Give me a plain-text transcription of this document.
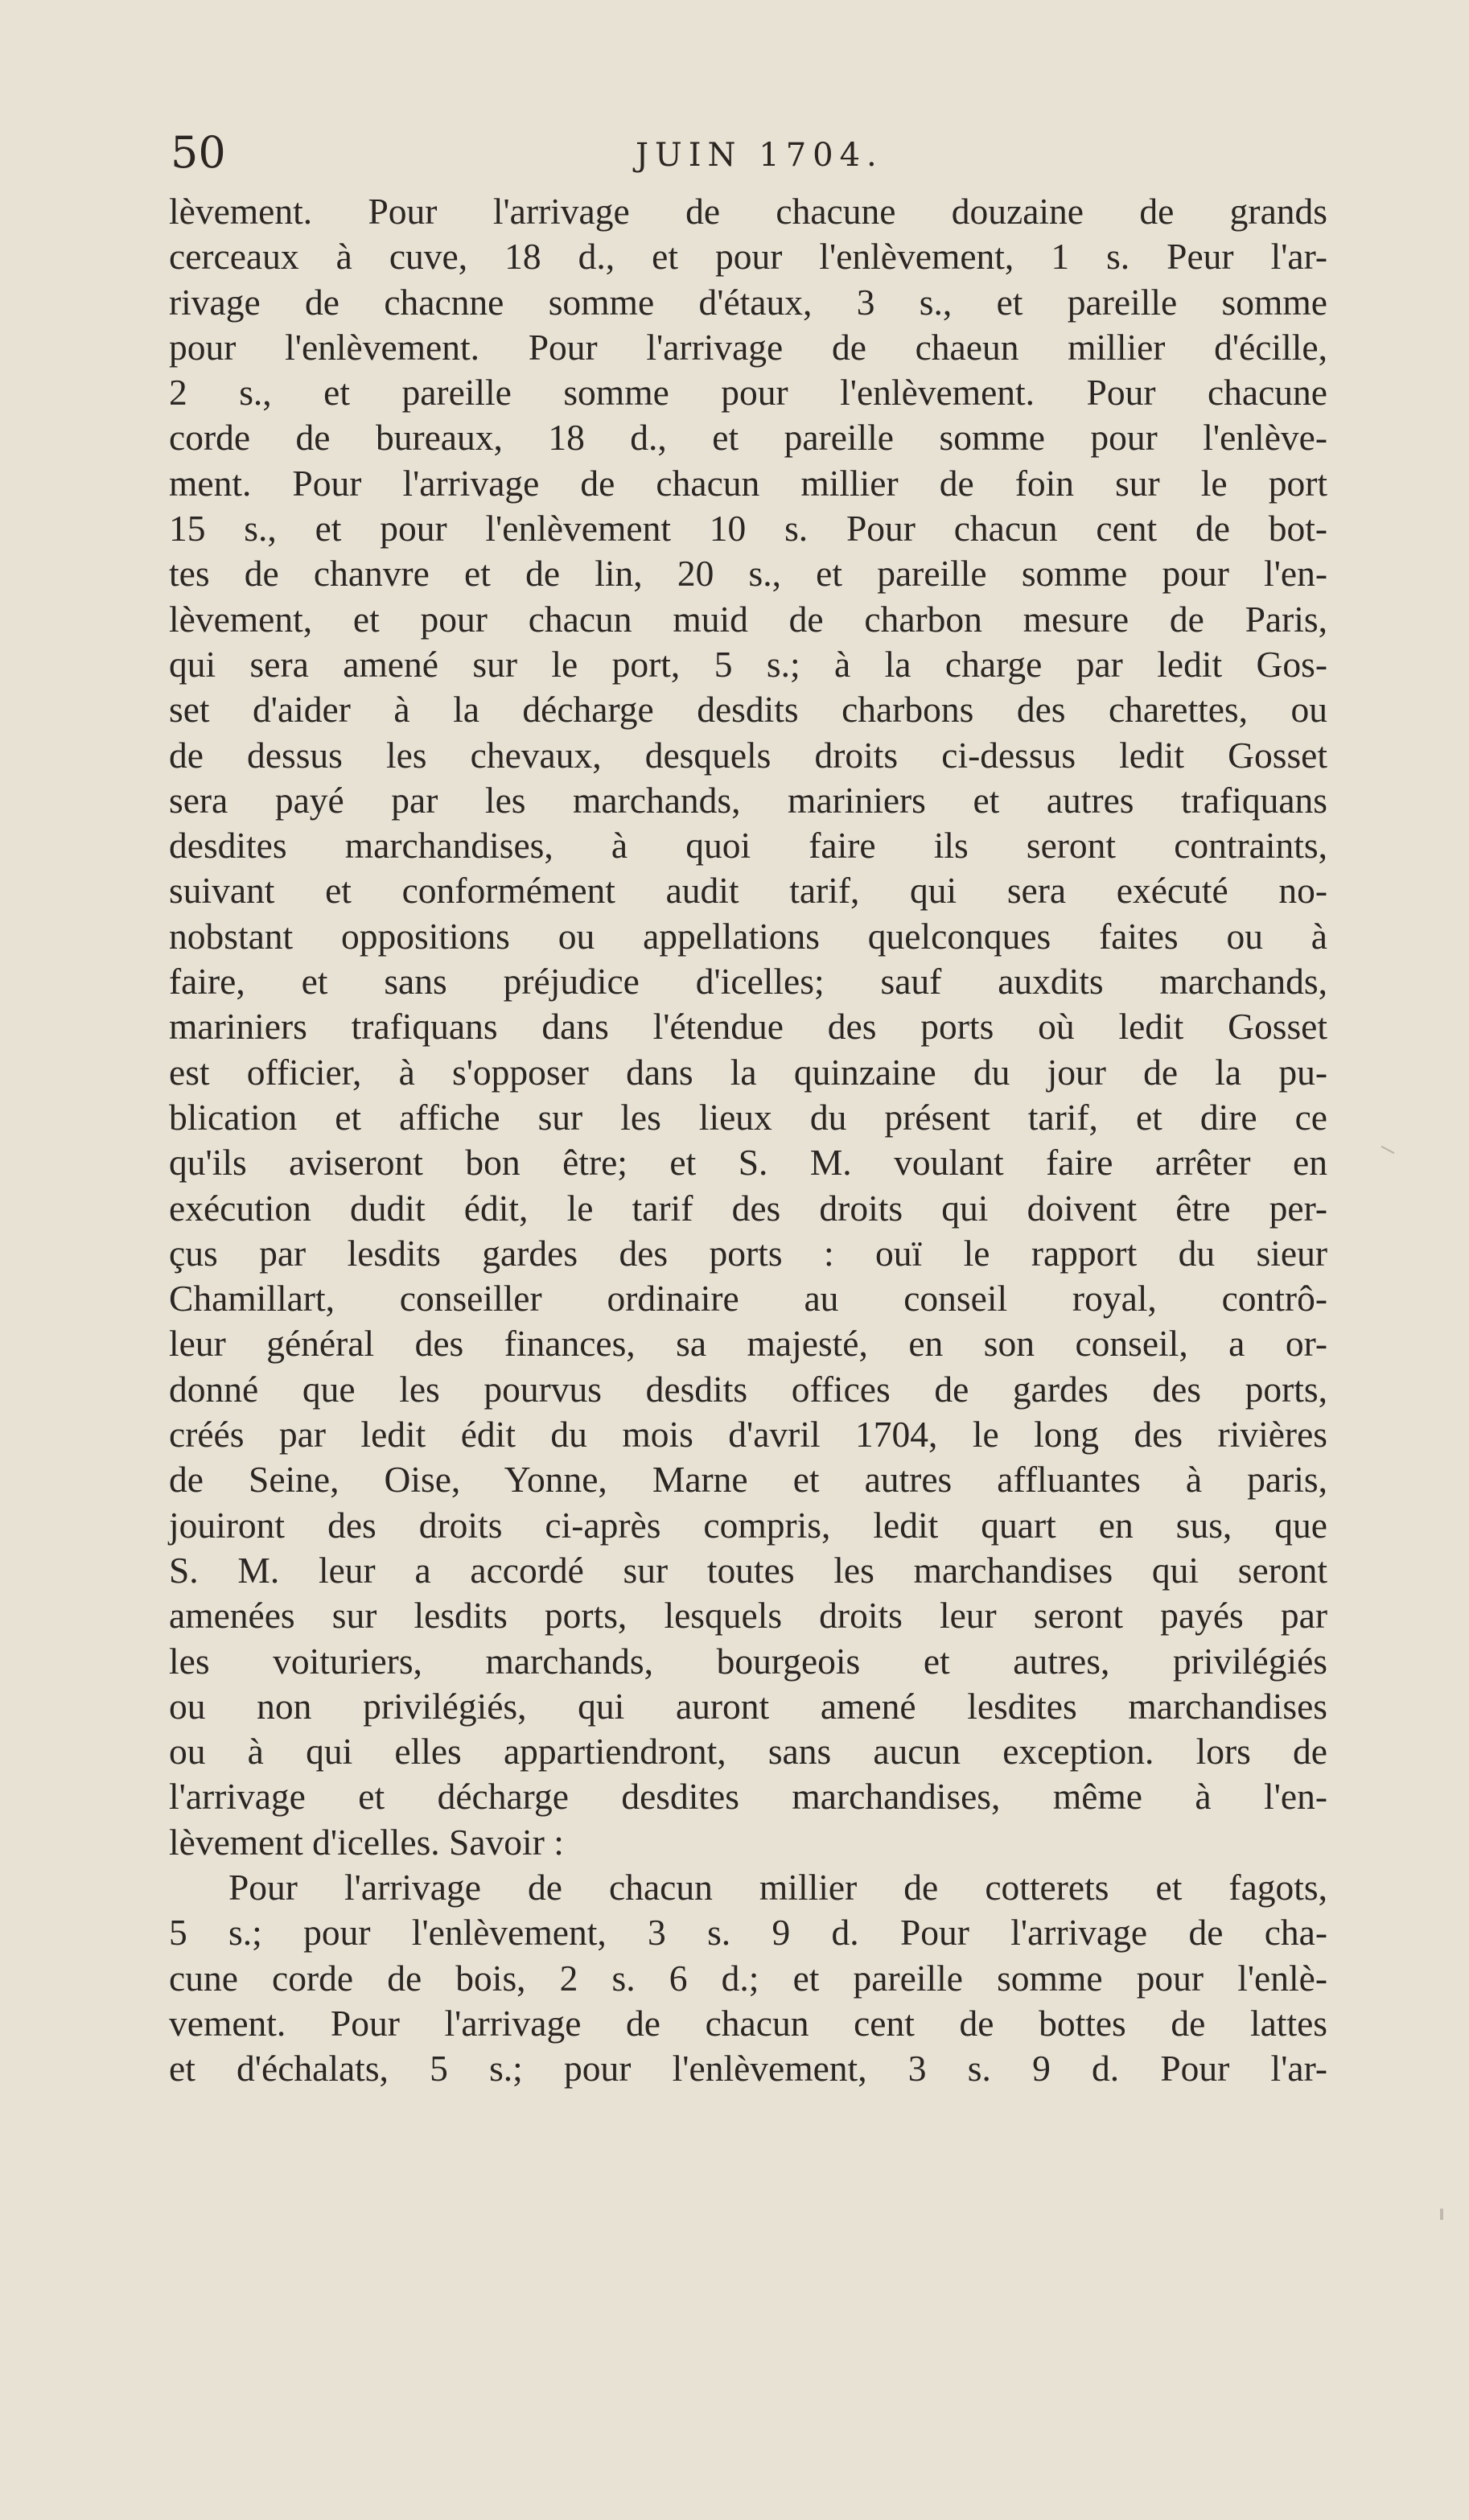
50	JUIN 1704.
lèvement. Pour l'arrivage de chacune douzaine de grands
cerceaux à cuve, 18 d., et pour l'enlèvement, 1 s. Peur l'ar-
rivage de chacnne somme d'étaux, 3 s., et pareille somme
pour l'enlèvement. Pour l'arrivage de chaeun millier d'écille,
2 s., et pareille somme pour l'enlèvement. Pour chacune
corde de bureaux, 18 d., et pareille somme pour l'enlève-
ment. Pour l'arrivage de chacun millier de foin sur le port
15 s., et pour l'enlèvement 10 s. Pour chacun cent de bot-
tes de chanvre et de lin, 20 s., et pareille somme pour l'en-
lèvement, et pour chacun muid de charbon mesure de Paris,
qui sera amené sur le port, 5 s.; à la charge par ledit Gos-
set d'aider à la décharge desdits charbons des charettes, ou
de dessus les chevaux, desquels droits ci-dessus ledit Gosset
sera payé par les marchands, mariniers et autres trafiquans
desdites marchandises, à quoi faire ils seront contraints,
suivant et conformément audit tarif, qui sera exécuté no-
nobstant oppositions ou appellations quelconques faites ou à
faire, et sans préjudice d'icelles; sauf auxdits marchands,
mariniers trafiquans dans l'étendue des ports où ledit Gosset
est officier, à s'opposer dans la quinzaine du jour de la pu-
blication et affiche sur les lieux du présent tarif, et dire ce
qu'ils aviseront bon être; et S. M. voulant faire arrêter en
exécution dudit édit, le tarif des droits qui doivent être per-
çus par lesdits gardes des ports : ouï le rapport du sieur
Chamillart, conseiller ordinaire au conseil royal, contrô-
leur général des finances, sa majesté, en son conseil, a or-
donné que les pourvus desdits offices de gardes des ports,
créés par ledit édit du mois d'avril 1704, le long des rivières
de Seine, Oise, Yonne, Marne et autres affluantes à paris,
jouiront des droits ci-après compris, ledit quart en sus, que
S. M. leur a accordé sur toutes les marchandises qui seront
amenées sur lesdits ports, lesquels droits leur seront payés par
les voituriers, marchands, bourgeois et autres, privilégiés
ou non privilégiés, qui auront amené lesdites marchandises
ou à qui elles appartiendront, sans aucun exception. lors de
l'arrivage et décharge desdites marchandises, même à l'en-
lèvement d'icelles. Savoir :
Pour l'arrivage de chacun millier de cotterets et fagots,
5 s.; pour l'enlèvement, 3 s. 9 d. Pour l'arrivage de cha-
cune corde de bois, 2 s. 6 d.; et pareille somme pour l'enlè-
vement. Pour l'arrivage de chacun cent de bottes de lattes
et d'échalats, 5 s.; pour l'enlèvement, 3 s. 9 d. Pour l'ar-
